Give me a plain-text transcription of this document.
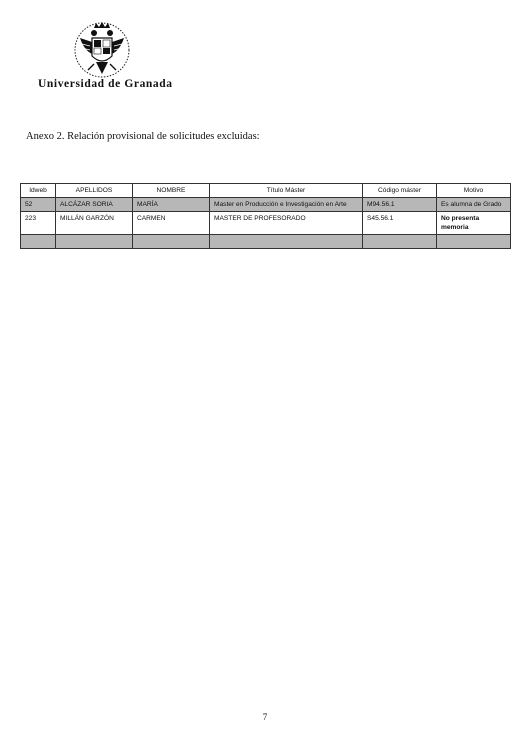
Universidad de Granada
Anexo 2. Relación provisional de solicitudes excluidas:
Idweb	APELLIDOS	NOMBRE	Título Máster	Código máster	Motivo
52	ALCÁZAR SORIA	MARÍA	Master en Producción e Investigación en Arte	M94.56.1	Es alumna de Grado
223	MILLÁN GARZÓN	CARMEN	MASTER DE PROFESORADO	S45.56.1	No presenta memoria

7
